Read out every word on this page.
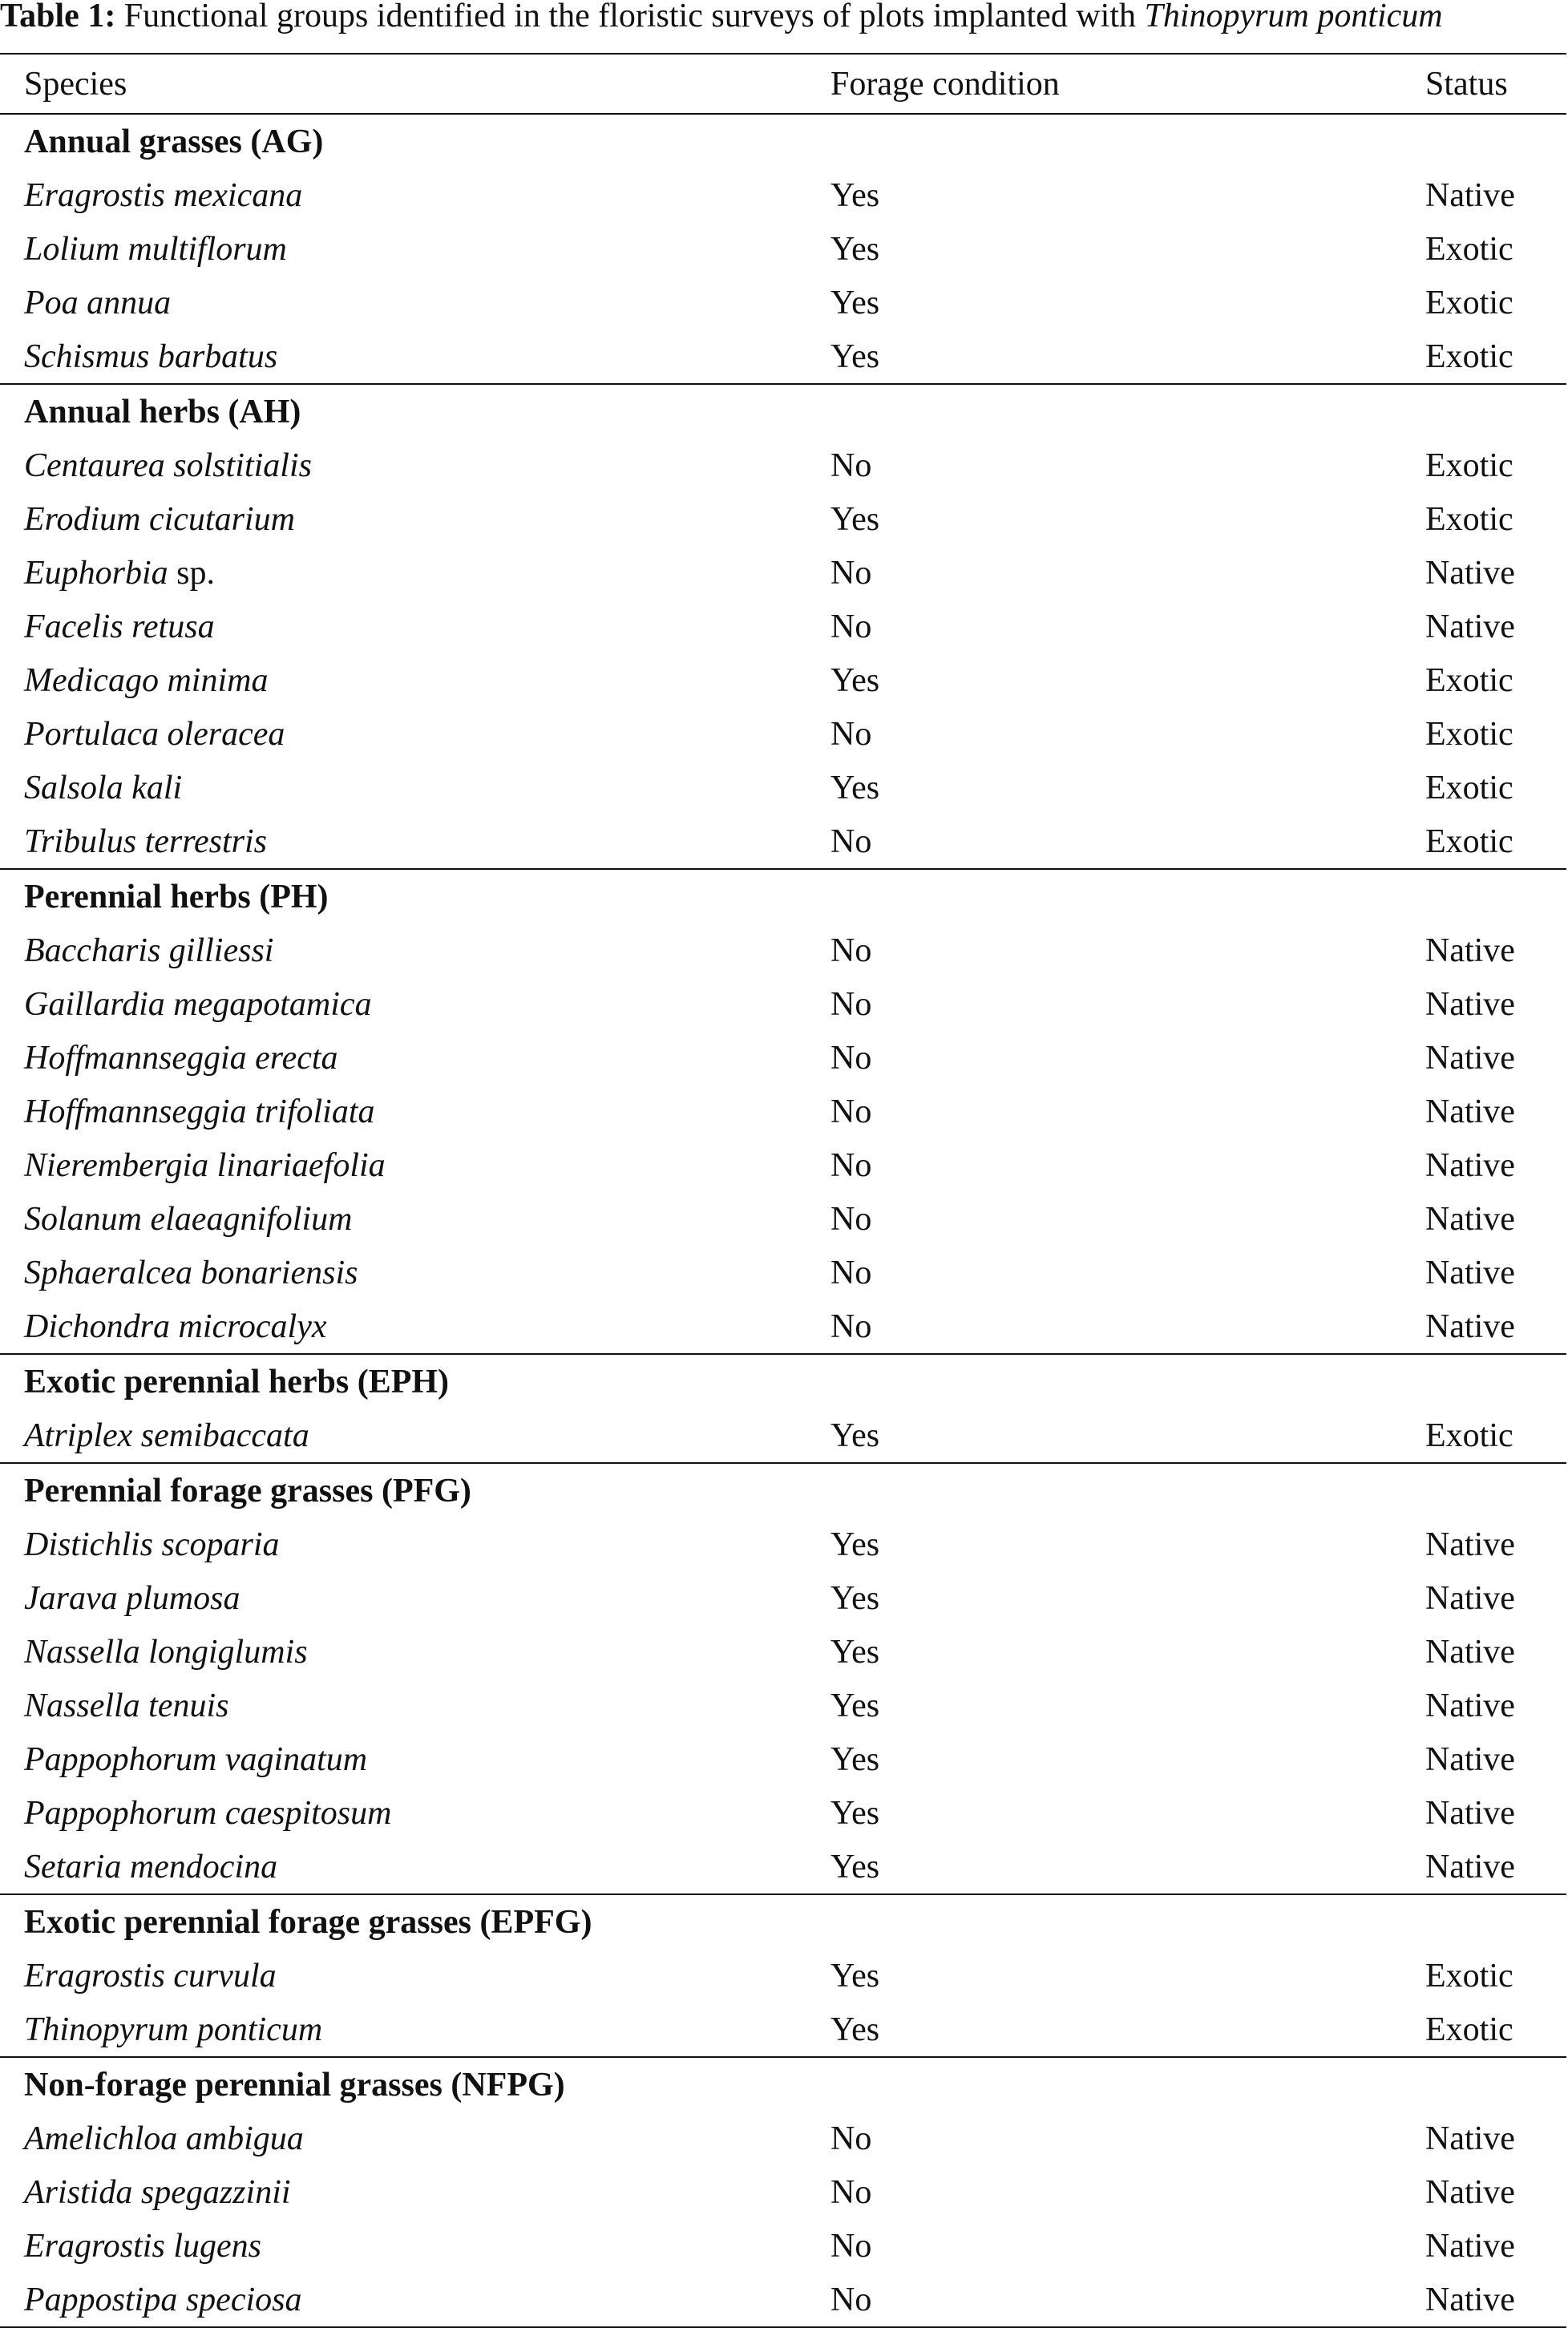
Table 1: Functional groups identified in the floristic surveys of plots implanted with Thinopyrum ponticum
Species	Forage condition	Status
Annual grasses (AG)		
Eragrostis mexicana	Yes	Native
Lolium multiflorum	Yes	Exotic
Poa annua	Yes	Exotic
Schismus barbatus	Yes	Exotic
Annual herbs (AH)		
Centaurea solstitialis	No	Exotic
Erodium cicutarium	Yes	Exotic
Euphorbia sp.	No	Native
Facelis retusa	No	Native
Medicago minima	Yes	Exotic
Portulaca oleracea	No	Exotic
Salsola kali	Yes	Exotic
Tribulus terrestris	No	Exotic
Perennial herbs (PH)		
Baccharis gilliessi	No	Native
Gaillardia megapotamica	No	Native
Hoffmannseggia erecta	No	Native
Hoffmannseggia trifoliata	No	Native
Nierembergia linariaefolia	No	Native
Solanum elaeagnifolium	No	Native
Sphaeralcea bonariensis	No	Native
Dichondra microcalyx	No	Native
Exotic perennial herbs (EPH)		
Atriplex semibaccata	Yes	Exotic
Perennial forage grasses (PFG)		
Distichlis scoparia	Yes	Native
Jarava plumosa	Yes	Native
Nassella longiglumis	Yes	Native
Nassella tenuis	Yes	Native
Pappophorum vaginatum	Yes	Native
Pappophorum caespitosum	Yes	Native
Setaria mendocina	Yes	Native
Exotic perennial forage grasses (EPFG)		
Eragrostis curvula	Yes	Exotic
Thinopyrum ponticum	Yes	Exotic
Non-forage perennial grasses (NFPG)		
Amelichloa ambigua	No	Native
Aristida spegazzinii	No	Native
Eragrostis lugens	No	Native
Pappostipa speciosa	No	Native
